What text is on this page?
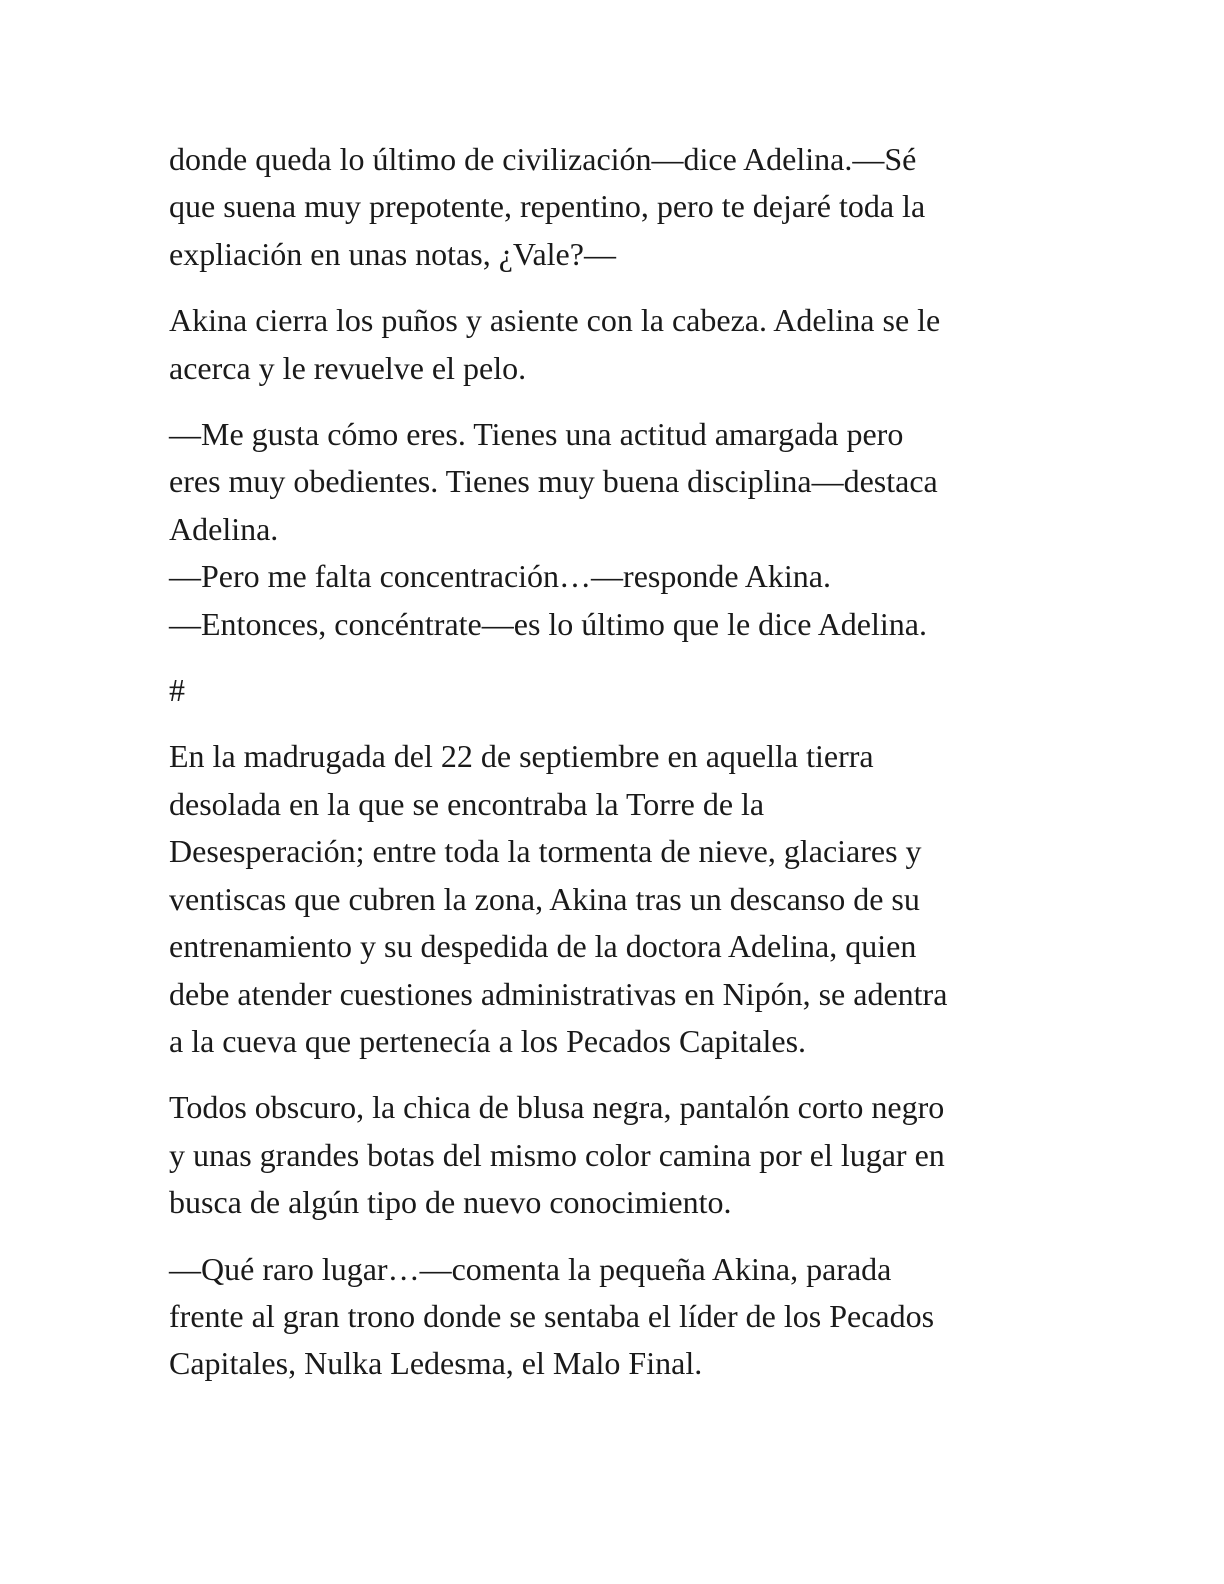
donde queda lo último de civilización—dice Adelina.—Sé
que suena muy prepotente, repentino, pero te dejaré toda la
expliación en unas notas, ¿Vale?—

Akina cierra los puños y asiente con la cabeza. Adelina se le
acerca y le revuelve el pelo.

—Me gusta cómo eres. Tienes una actitud amargada pero
eres muy obedientes. Tienes muy buena disciplina—destaca
Adelina.
—Pero me falta concentración…—responde Akina.
—Entonces, concéntrate—es lo último que le dice Adelina.

#

En la madrugada del 22 de septiembre en aquella tierra
desolada en la que se encontraba la Torre de la
Desesperación; entre toda la tormenta de nieve, glaciares y
ventiscas que cubren la zona, Akina tras un descanso de su
entrenamiento y su despedida de la doctora Adelina, quien
debe atender cuestiones administrativas en Nipón, se adentra
a la cueva que pertenecía a los Pecados Capitales.

Todos obscuro, la chica de blusa negra, pantalón corto negro
y unas grandes botas del mismo color camina por el lugar en
busca de algún tipo de nuevo conocimiento.

—Qué raro lugar…—comenta la pequeña Akina, parada
frente al gran trono donde se sentaba el líder de los Pecados
Capitales, Nulka Ledesma, el Malo Final.
